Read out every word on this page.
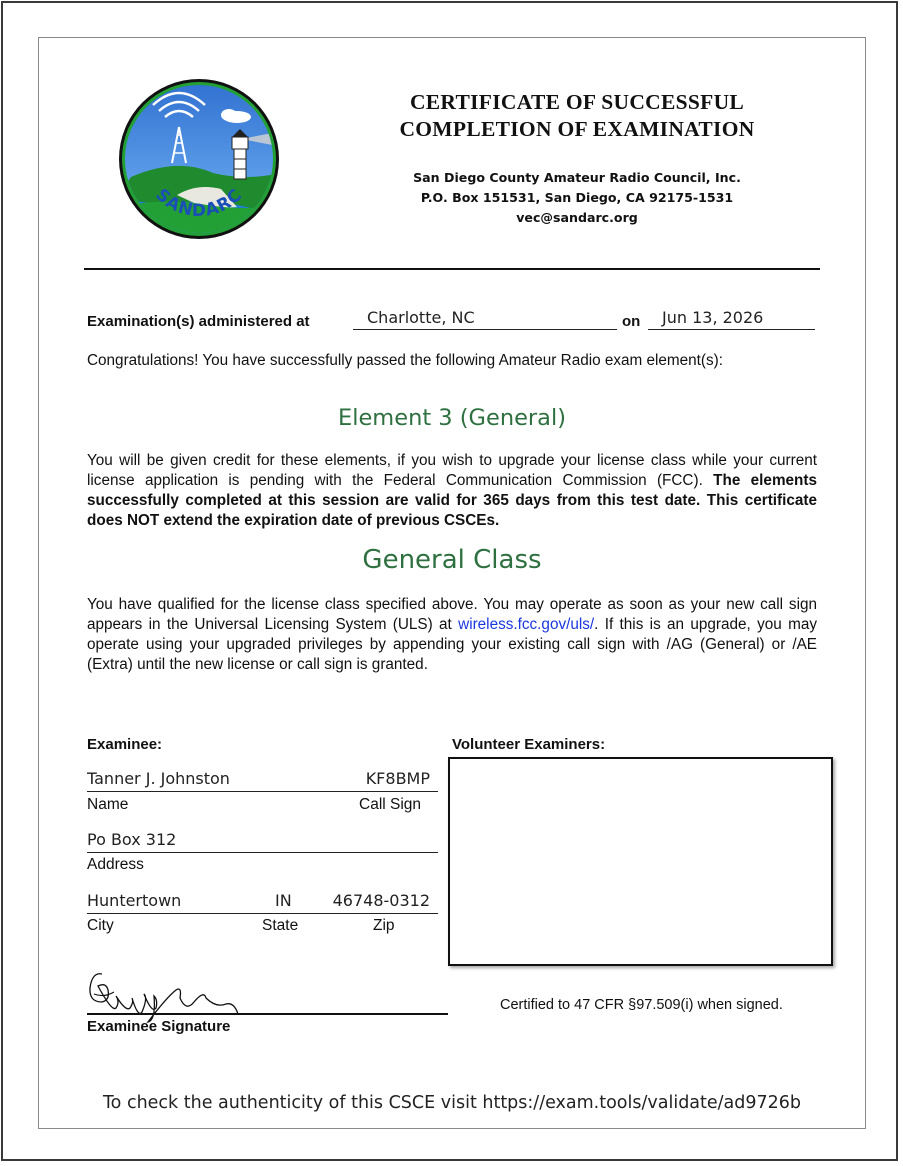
SANDARC
CERTIFICATE OF SUCCESSFUL
COMPLETION OF EXAMINATION
San Diego County Amateur Radio Council, Inc.
P.O. Box 151531, San Diego, CA 92175-1531
vec@sandarc.org
Examination(s) administered at	Charlotte, NC	on	Jun 13, 2026
Congratulations! You have successfully passed the following Amateur Radio exam element(s):
Element 3 (General)
You will be given credit for these elements, if you wish to upgrade your license class while your current license application is pending with the Federal Communication Commission (FCC). The elements successfully completed at this session are valid for 365 days from this test date. This certificate does NOT extend the expiration date of previous CSCEs.
General Class
You have qualified for the license class specified above. You may operate as soon as your new call sign appears in the Universal Licensing System (ULS) at wireless.fcc.gov/uls/. If this is an upgrade, you may operate using your upgraded privileges by appending your existing call sign with /AG (General) or /AE (Extra) until the new license or call sign is granted.
Examinee:
Tanner J. Johnston	KF8BMP
Name	Call Sign
Po Box 312
Address
Huntertown	IN	46748-0312
City	State	Zip
Volunteer Examiners:
Examinee Signature
Certified to 47 CFR §97.509(i) when signed.
To check the authenticity of this CSCE visit https://exam.tools/validate/ad9726b
